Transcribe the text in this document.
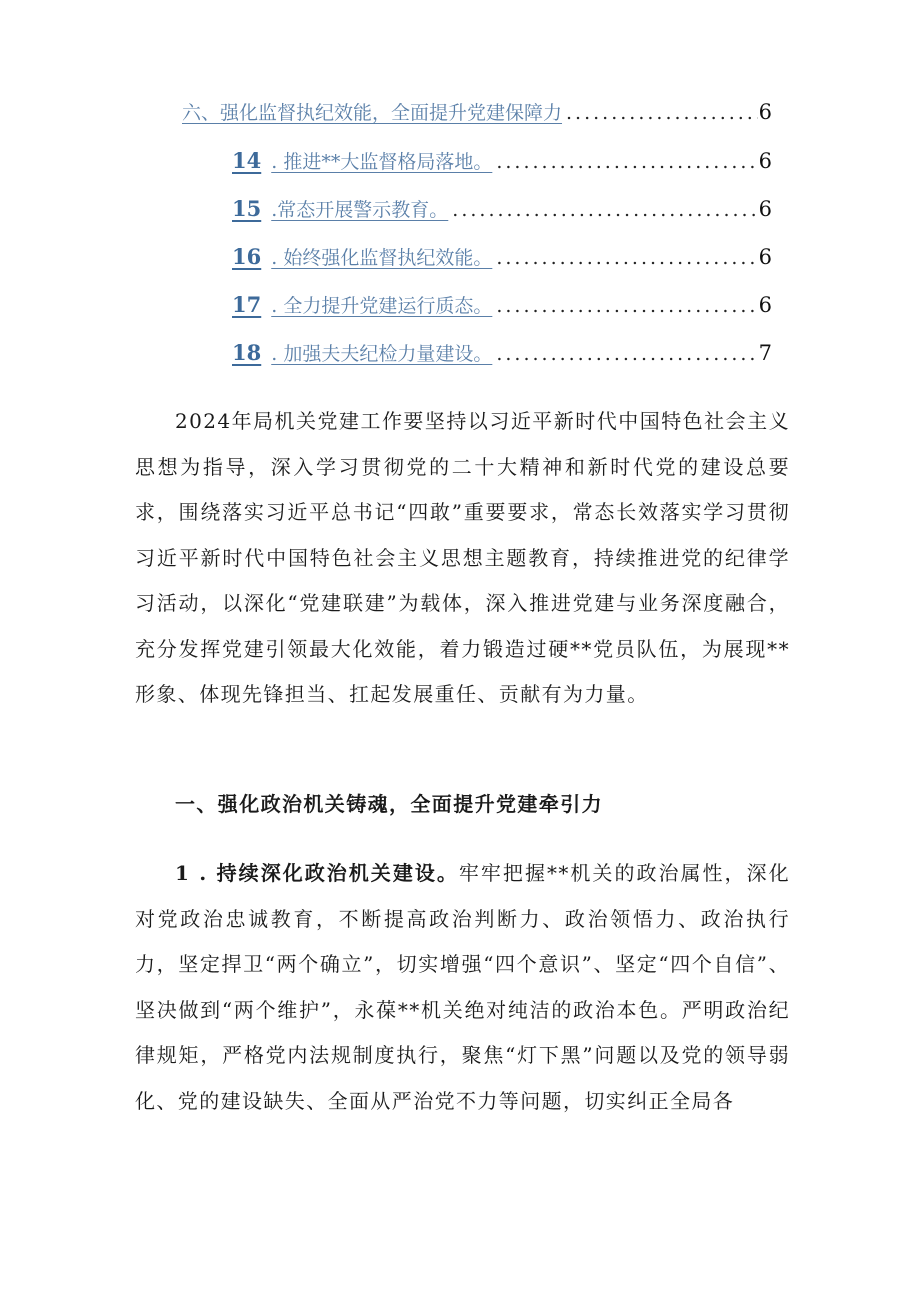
六、强化监督执纪效能，全面提升党建保障力 .....	6
14 . 推进**大监督格局落地。 .....	6
15 .常态开展警示教育。 .....	6
16 . 始终强化监督执纪效能。 .....	6
17 . 全力提升党建运行质态。 .....	6
18 . 加强夫夫纪检力量建设。 .....	7

2024年局机关党建工作要坚持以习近平新时代中国特色社会主义思想为指导，深入学习贯彻党的二十大精神和新时代党的建设总要求，围绕落实习近平总书记“四敢”重要要求，常态长效落实学习贯彻习近平新时代中国特色社会主义思想主题教育，持续推进党的纪律学习活动，以深化“党建联建”为载体，深入推进党建与业务深度融合，充分发挥党建引领最大化效能，着力锻造过硬**党员队伍，为展现**形象、体现先锋担当、扛起发展重任、贡献有为力量。

一、强化政治机关铸魂，全面提升党建牵引力

1 . 持续深化政治机关建设。牢牢把握**机关的政治属性，深化对党政治忠诚教育，不断提高政治判断力、政治领悟力、政治执行力，坚定捍卫“两个确立”，切实增强“四个意识”、坚定“四个自信”、坚决做到“两个维护”，永葆**机关绝对纯洁的政治本色。严明政治纪律规矩，严格党内法规制度执行，聚焦“灯下黑”问题以及党的领导弱化、党的建设缺失、全面从严治党不力等问题，切实纠正全局各
